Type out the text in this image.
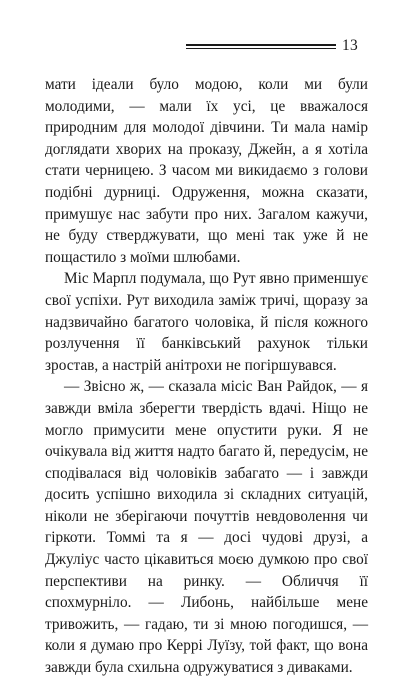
13

мати ідеали було модою, коли ми були молодими, — мали їх усі, це вважалося природним для молодої дівчини. Ти мала намір доглядати хворих на проказу, Джейн, а я хотіла стати черницею. З часом ми викидаємо з голови подібні дурниці. Одруження, можна сказати, примушує нас забути про них. Загалом кажучи, не буду стверджувати, що мені так уже й не пощастило з моїми шлюбами.

Міс Марпл подумала, що Рут явно применшує свої успіхи. Рут виходила заміж тричі, щоразу за надзвичайно багатого чоловіка, й після кожного розлучення її банківський рахунок тільки зростав, а настрій анітрохи не погіршувався.

— Звісно ж, — сказала місіс Ван Райдок, — я завжди вміла зберегти твердість вдачі. Ніщо не могло примусити мене опустити руки. Я не очікувала від життя надто багато й, передусім, не сподівалася від чоловіків забагато — і завжди досить успішно виходила зі складних ситуацій, ніколи не зберігаючи почуттів невдоволення чи гіркоти. Томмі та я — досі чудові друзі, а Джуліус часто цікавиться моєю думкою про свої перспективи на ринку. — Обличчя її спохмурніло. — Либонь, найбільше мене тривожить, — гадаю, ти зі мною погодишся, — коли я думаю про Керрі Луїзу, той факт, що вона завжди була схильна одружуватися з диваками.
